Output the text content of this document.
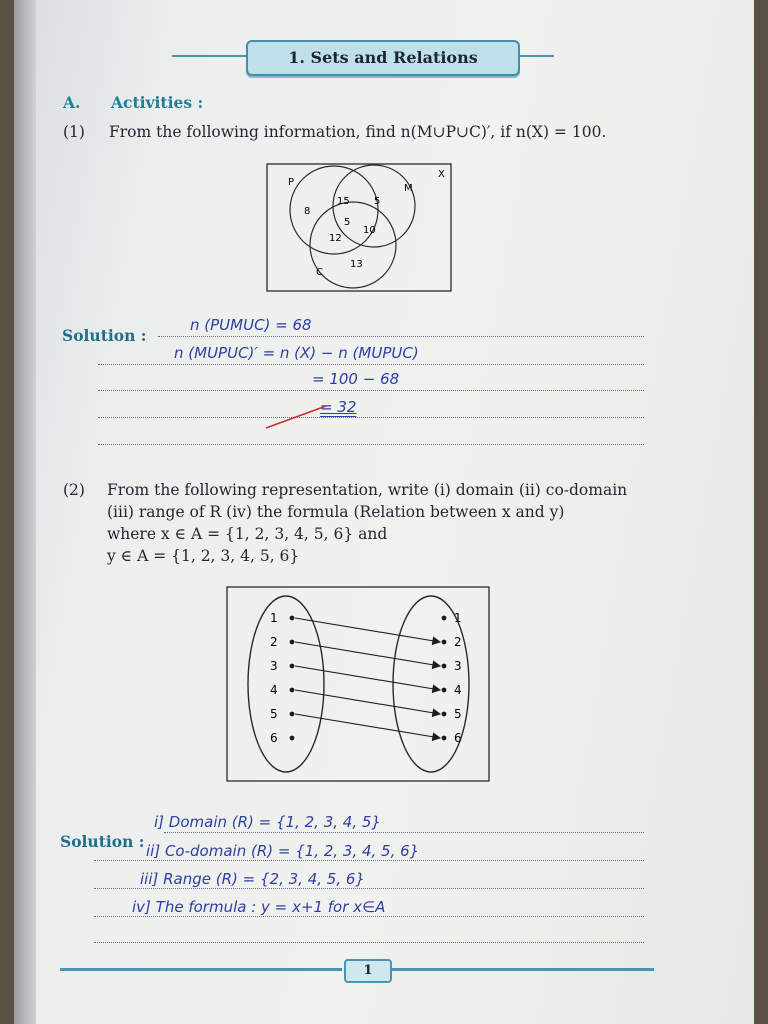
1. Sets and Relations
A. Activities :
(1) From the following information, find n(M∪P∪C)′, if n(X) = 100.
P
M
C
X
8
15 5
5
10
12
13
Solution :
n (PUMUC) = 68
n (MUPUC)′ = n (X) − n (MUPUC)
= 100 − 68
= 32
(2) From the following representation, write (i) domain (ii) co-domain
(iii) range of R (iv) the formula (Relation between x and y)
where x ∈ A = {1, 2, 3, 4, 5, 6} and
y ∈ A = {1, 2, 3, 4, 5, 6}
1
2
3
4
5
6
1
2
3
4
5
6
Solution :
i] Domain (R) = {1, 2, 3, 4, 5}
ii] Co-domain (R) = {1, 2, 3, 4, 5, 6}
iii] Range (R) = {2, 3, 4, 5, 6}
iv] The formula : y = x+1 for x∈A
1
